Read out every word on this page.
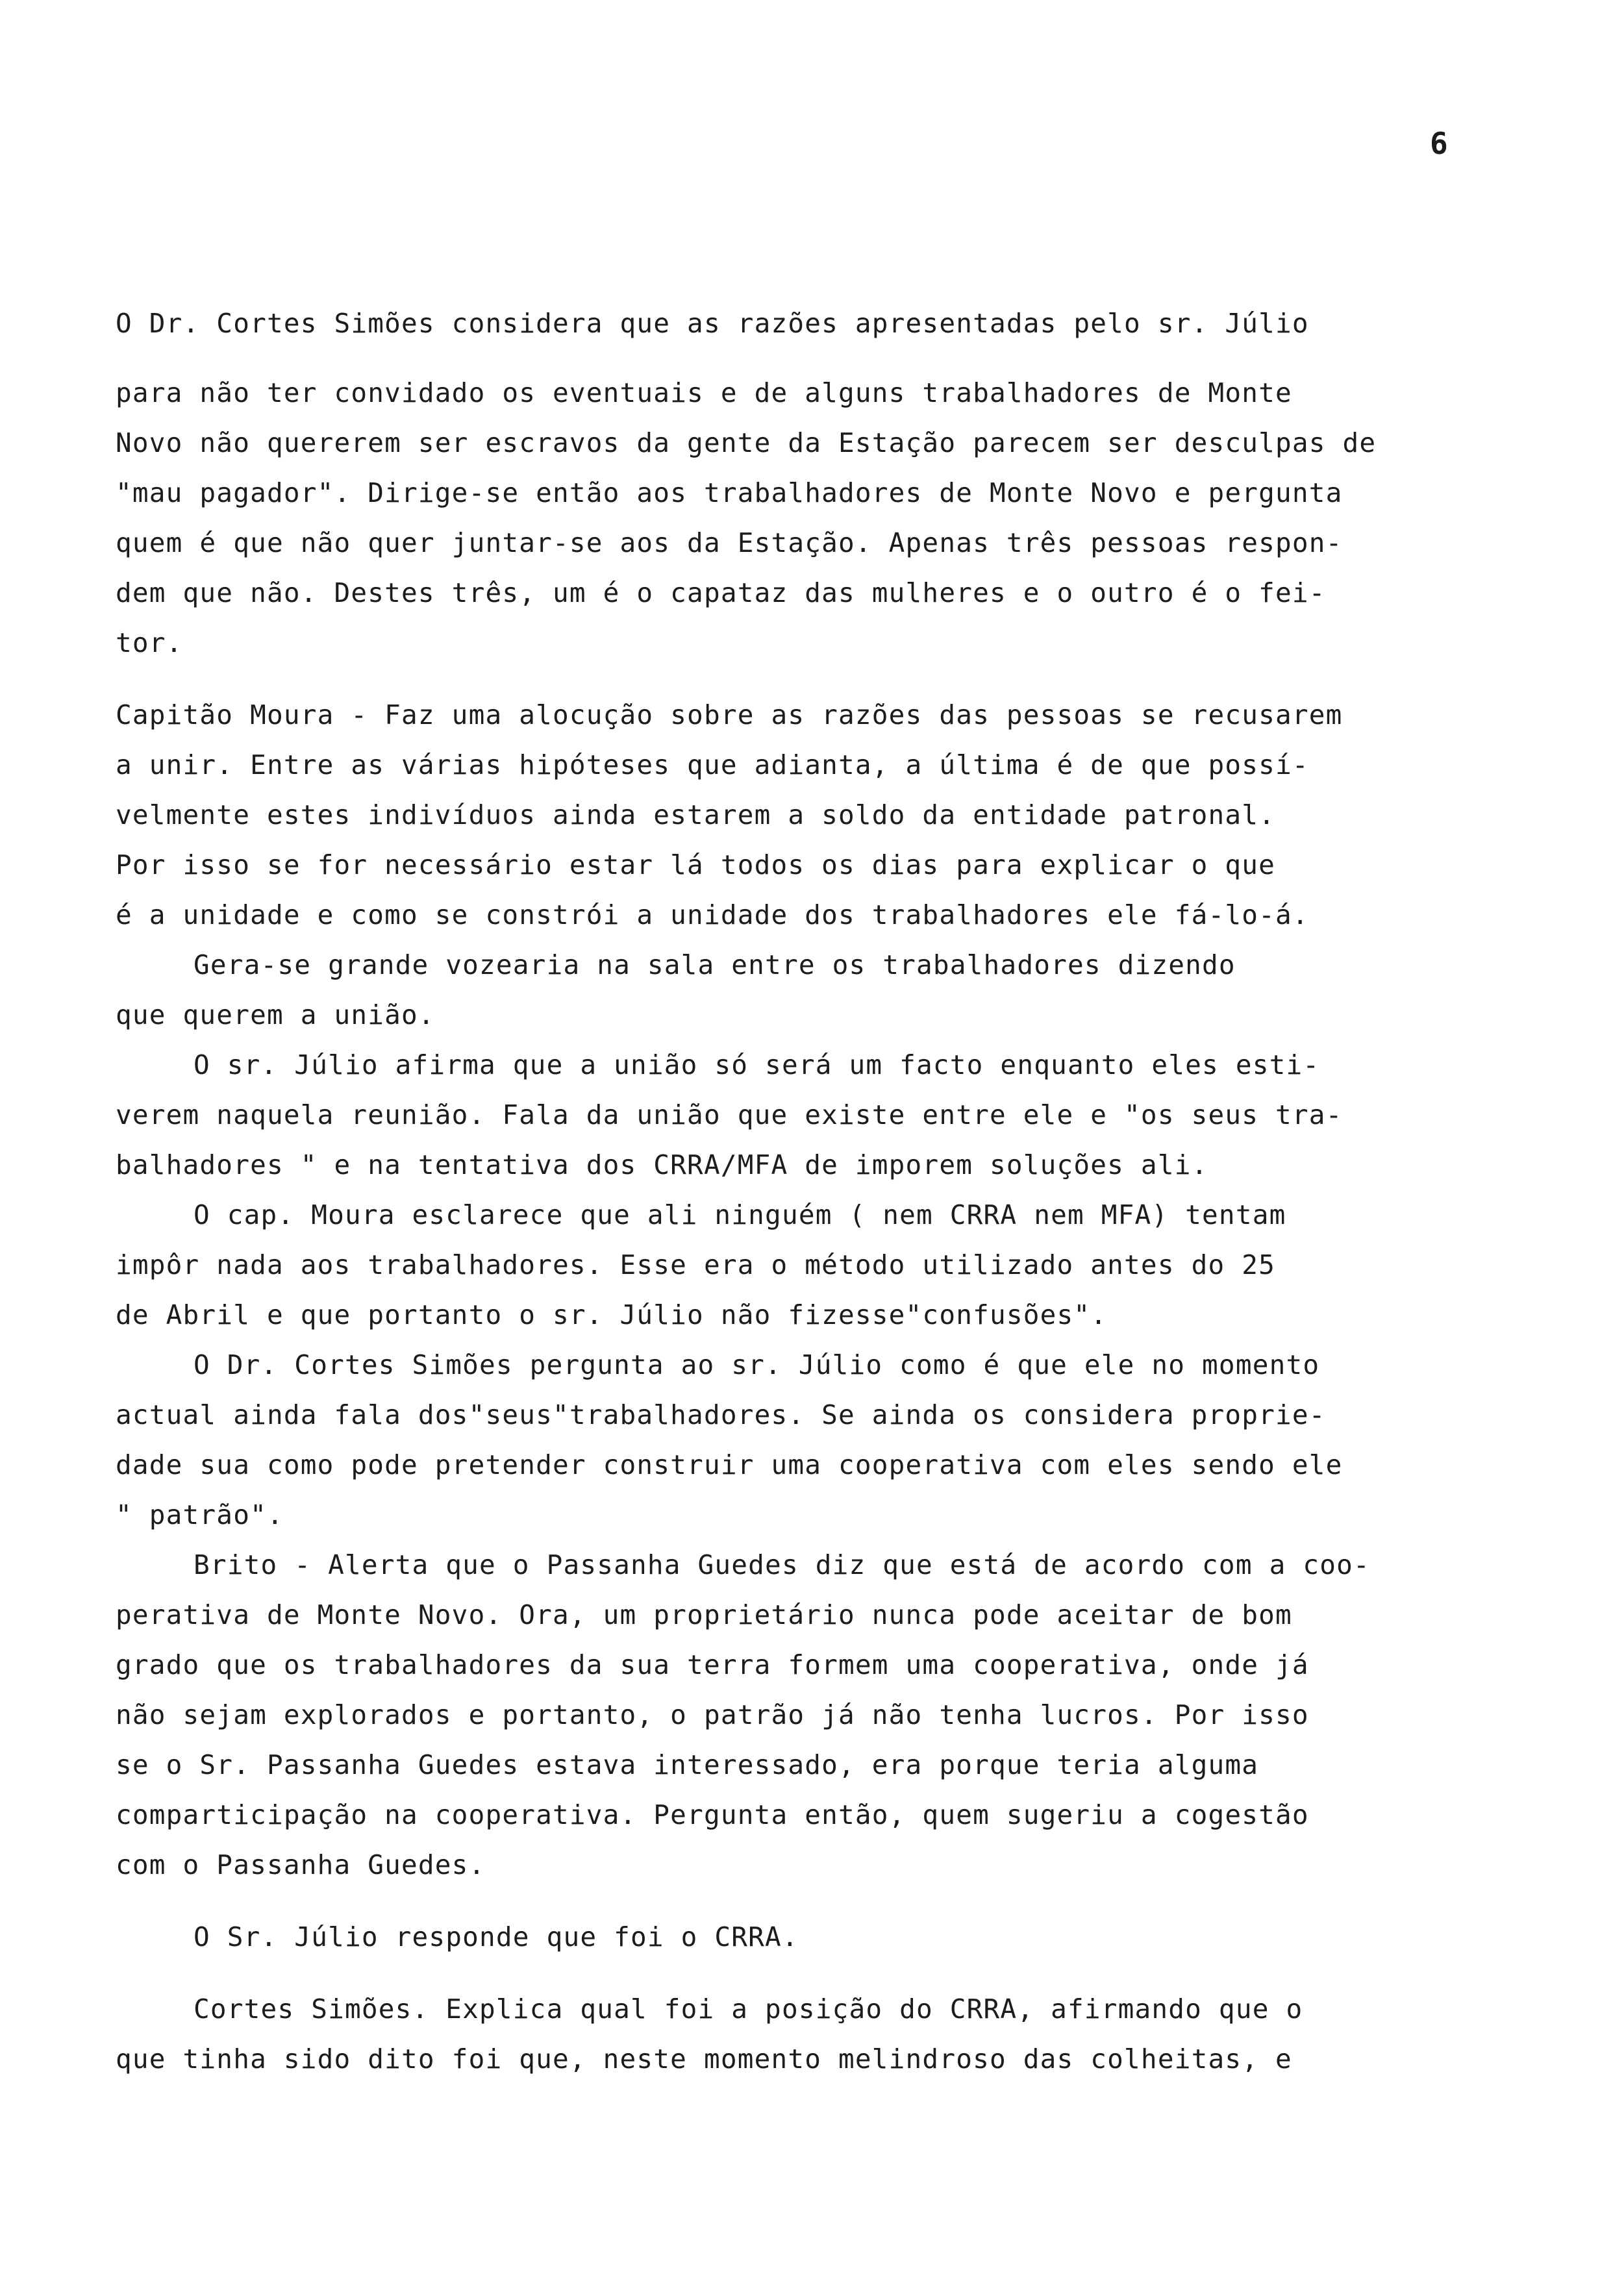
6
O Dr. Cortes Simões considera que as razões apresentadas pelo sr. Júlio
para não ter convidado os eventuais e de alguns trabalhadores de Monte
Novo não quererem ser escravos da gente da Estação parecem ser desculpas de
"mau pagador". Dirige-se então aos trabalhadores de Monte Novo e pergunta
quem é que não quer juntar-se aos da Estação. Apenas três pessoas respon-
dem que não. Destes três, um é o capataz das mulheres e o outro é o fei-
tor.
Capitão Moura - Faz uma alocução sobre as razões das pessoas se recusarem
a unir. Entre as várias hipóteses que adianta, a última é de que possí-
velmente estes indivíduos ainda estarem a soldo da entidade patronal.
Por isso se for necessário estar lá todos os dias para explicar o que
é a unidade e como se constrói a unidade dos trabalhadores ele fá-lo-á.
Gera-se grande vozearia na sala entre os trabalhadores dizendo
que querem a união.
O sr. Júlio afirma que a união só será um facto enquanto eles esti-
verem naquela reunião. Fala da união que existe entre ele e "os seus tra-
balhadores " e na tentativa dos CRRA/MFA de imporem soluções ali.
O cap. Moura esclarece que ali ninguém ( nem CRRA nem MFA) tentam
impôr nada aos trabalhadores. Esse era o método utilizado antes do 25
de Abril e que portanto o sr. Júlio não fizesse"confusões".
O Dr. Cortes Simões pergunta ao sr. Júlio como é que ele no momento
actual ainda fala dos"seus"trabalhadores. Se ainda os considera proprie-
dade sua como pode pretender construir uma cooperativa com eles sendo ele
" patrão".
Brito - Alerta que o Passanha Guedes diz que está de acordo com a coo-
perativa de Monte Novo. Ora, um proprietário nunca pode aceitar de bom
grado que os trabalhadores da sua terra formem uma cooperativa, onde já
não sejam explorados e portanto, o patrão já não tenha lucros. Por isso
se o Sr. Passanha Guedes estava interessado, era porque teria alguma
comparticipação na cooperativa. Pergunta então, quem sugeriu a cogestão
com o Passanha Guedes.
O Sr. Júlio responde que foi o CRRA.
Cortes Simões. Explica qual foi a posição do CRRA, afirmando que o
que tinha sido dito foi que, neste momento melindroso das colheitas, e
